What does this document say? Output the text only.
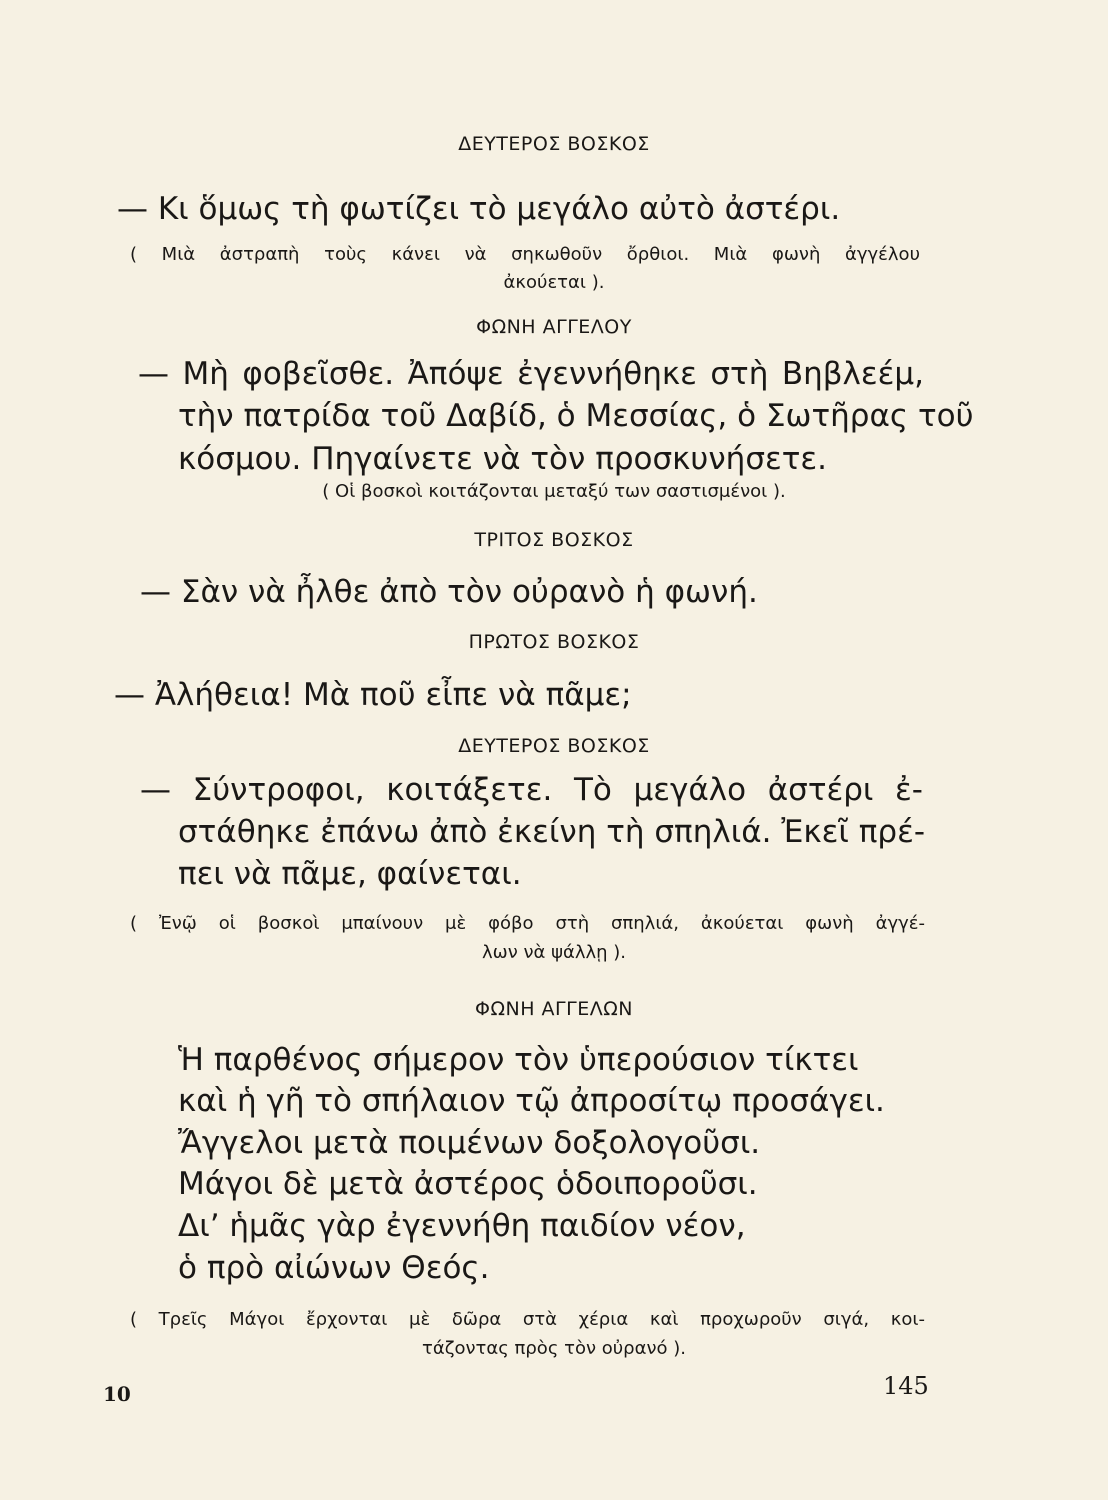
ΔΕΥΤΕΡΟΣ ΒΟΣΚΟΣ
— Κι ὅμως τὴ φωτίζει τὸ μεγάλο αὐτὸ ἀστέρι.
( Μιὰ ἀστραπὴ τοὺς κάνει νὰ σηκωθοῦν ὄρθιοι. Μιὰ φωνὴ ἀγγέλου
ἀκούεται ).
ΦΩΝΗ ΑΓΓΕΛΟΥ
— Μὴ φοβεῖσθε. Ἀπόψε ἐγεννήθηκε στὴ Βηβλεέμ,
τὴν πατρίδα τοῦ Δαβίδ, ὁ Μεσσίας, ὁ Σωτῆρας τοῦ
κόσμου. Πηγαίνετε νὰ τὸν προσκυνήσετε.
( Οἱ βοσκοὶ κοιτάζονται μεταξύ των σαστισμένοι ).
ΤΡΙΤΟΣ ΒΟΣΚΟΣ
— Σὰν νὰ ἦλθε ἀπὸ τὸν οὐρανὸ ἡ φωνή.
ΠΡΩΤΟΣ ΒΟΣΚΟΣ
— Ἀλήθεια! Μὰ ποῦ εἶπε νὰ πᾶμε;
ΔΕΥΤΕΡΟΣ ΒΟΣΚΟΣ
— Σύντροφοι, κοιτάξετε. Τὸ μεγάλο ἀστέρι ἐ-
στάθηκε ἐπάνω ἀπὸ ἐκείνη τὴ σπηλιά. Ἐκεῖ πρέ-
πει νὰ πᾶμε, φαίνεται.
( Ἐνῷ οἱ βοσκοὶ μπαίνουν μὲ φόβο στὴ σπηλιά, ἀκούεται φωνὴ ἀγγέ-
λων νὰ ψάλλῃ ).
ΦΩΝΗ ΑΓΓΕΛΩΝ
Ἡ παρθένος σήμερον τὸν ὑπερούσιον τίκτει
καὶ ἡ γῆ τὸ σπήλαιον τῷ ἀπροσίτῳ προσάγει.
Ἄγγελοι μετὰ ποιμένων δοξολογοῦσι.
Μάγοι δὲ μετὰ ἀστέρος ὁδοιποροῦσι.
Δι’ ἡμᾶς γὰρ ἐγεννήθη παιδίον νέον,
ὁ πρὸ αἰώνων Θεός.
( Τρεῖς Μάγοι ἔρχονται μὲ δῶρα στὰ χέρια καὶ προχωροῦν σιγά, κοι-
τάζοντας πρὸς τὸν οὐρανό ).
10	145
